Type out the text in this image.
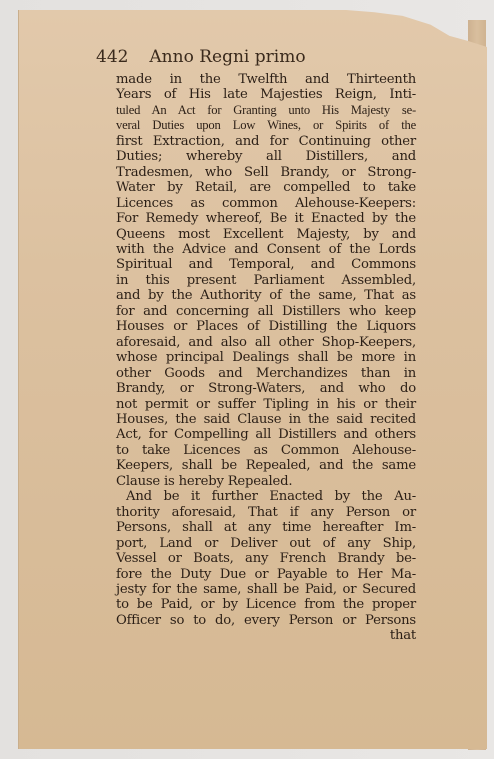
442 Anno Regni primo
made in the Twelfth and Thirteenth
Years of His late Majesties Reign, Inti-
tuled An Act for Granting unto His Majesty se-
veral Duties upon Low Wines, or Spirits of the
first Extraction, and for Continuing other
Duties; whereby all Distillers, and
Tradesmen, who Sell Brandy, or Strong-
Water by Retail, are compelled to take
Licences as common Alehouse-Keepers:
For Remedy whereof, Be it Enacted by the
Queens most Excellent Majesty, by and
with the Advice and Consent of the Lords
Spiritual and Temporal, and Commons
in this present Parliament Assembled,
and by the Authority of the same, That as
for and concerning all Distillers who keep
Houses or Places of Distilling the Liquors
aforesaid, and also all other Shop-Keepers,
whose principal Dealings shall be more in
other Goods and Merchandizes than in
Brandy, or Strong-Waters, and who do
not permit or suffer Tipling in his or their
Houses, the said Clause in the said recited
Act, for Compelling all Distillers and others
to take Licences as Common Alehouse-
Keepers, shall be Repealed, and the same
Clause is hereby Repealed.
And be it further Enacted by the Au-
thority aforesaid, That if any Person or
Persons, shall at any time hereafter Im-
port, Land or Deliver out of any Ship,
Vessel or Boats, any French Brandy be-
fore the Duty Due or Payable to Her Ma-
jesty for the same, shall be Paid, or Secured
to be Paid, or by Licence from the proper
Officer so to do, every Person or Persons
that
